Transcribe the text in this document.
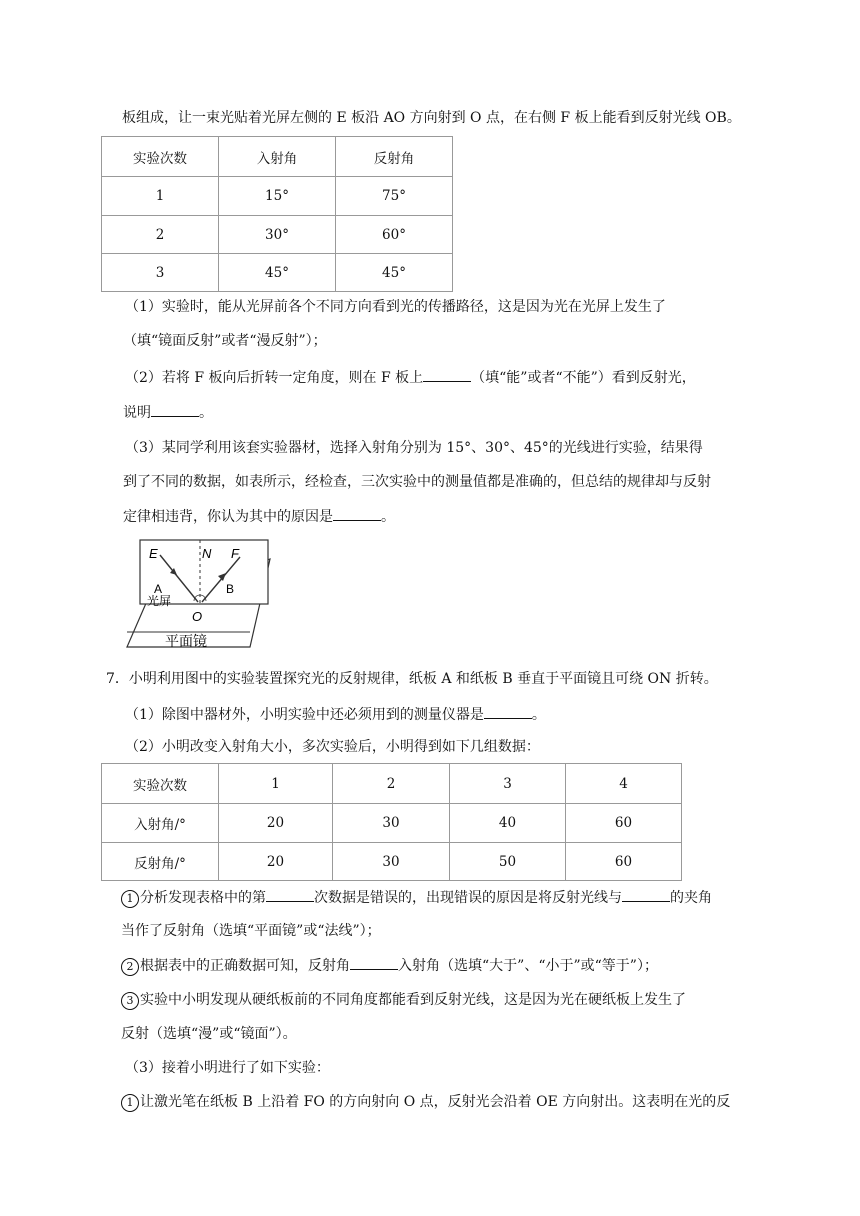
板组成，让一束光贴着光屏左侧的 E 板沿 AO 方向射到 O 点，在右侧 F 板上能看到反射光线 OB。
实验次数	入射角	反射角
1	15°	75°
2	30°	60°
3	45°	45°
（1）实验时，能从光屏前各个不同方向看到光的传播路径，这是因为光在光屏上发生了
（填“镜面反射”或者“漫反射”）；
（2）若将 F 板向后折转一定角度，则在 F 板上	（填“能”或者“不能”）看到反射光，
说明	。
（3）某同学利用该套实验器材，选择入射角分别为 15°、30°、45°的光线进行实验，结果得
到了不同的数据，如表所示，经检查，三次实验中的测量值都是准确的，但总结的规律却与反射
定律相违背，你认为其中的原因是	。
E	N F
A	B
光屏
O
平面镜
7．小明利用图中的实验装置探究光的反射规律，纸板 A 和纸板 B 垂直于平面镜且可绕 ON 折转。
（1）除图中器材外，小明实验中还必须用到的测量仪器是	。
（2）小明改变入射角大小，多次实验后，小明得到如下几组数据：
实验次数	1	2	3	4
入射角/°	20	30	40	60
反射角/°	20	30	50	60
1 分析发现表格中的第	次数据是错误的，出现错误的原因是将反射光线与	的夹角
当作了反射角（选填“平面镜”或“法线”）；
2 根据表中的正确数据可知，反射角	入射角（选填“大于”、“小于”或“等于”）；
3 实验中小明发现从硬纸板前的不同角度都能看到反射光线，这是因为光在硬纸板上发生了
反射（选填“漫”或“镜面”）。
（3）接着小明进行了如下实验：
1 让激光笔在纸板 B 上沿着 FO 的方向射向 O 点，反射光会沿着 OE 方向射出。这表明在光的反
